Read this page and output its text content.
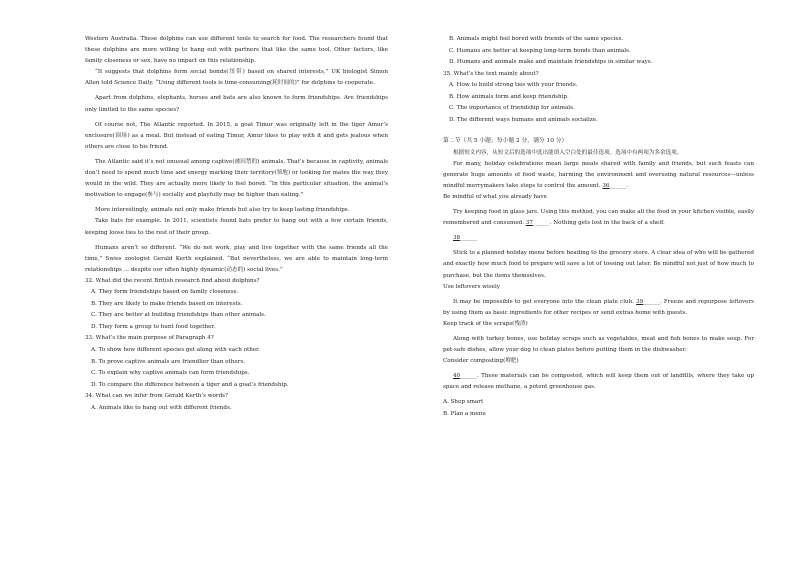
Western Australia. These dolphins can use different tools to search for food. The researchers found that these dolphins are more willing to hang out with partners that like the same tool. Other factors, like family closeness or sex, have no impact on this relationship.

“It suggests that dolphins form social bonds(纽带) based on shared interests,” UK biologist Simon Allen told Science Daily. “Using different tools is time-consuming(耗时间的)” for dolphins to cooperate.

Apart from dolphins, elephants, horses and bats are also known to form friendships. Are friendships only limited to the same species?

Of course not, The Atlantic reported. In 2015, a goat Timur was originally left in the tiger Amur’s enclosure(围场) as a meal. But instead of eating Timur, Amur likes to play with it and gets jealous when others are close to his friend.

The Atlantic said it’s not unusual among captive(被囚禁的) animals. That’s because in captivity, animals don’t need to spend much time and energy marking their territory(领地) or looking for mates the way they would in the wild. They are actually more likely to feel bored. “In this particular situation, the animal’s motivation to engage(参与) socially and playfully may be higher than eating.”

More interestingly, animals not only make friends but also try to keep lasting friendships.

Take bats for example. In 2011, scientists found bats prefer to hang out with a few certain friends, keeping loose ties to the rest of their group.

Humans aren’t so different. “We do not work, play and live together with the same friends all the time,” Swiss zoologist Gerald Kerth explained. “But nevertheless, we are able to maintain long-term relationships ... despite our often highly dynamic(动态的) social lives.”

32. What did the recent British research find about dolphins?
A. They form friendships based on family closeness.
B. They are likely to make friends based on interests.
C. They are better at building friendships than other animals.
D. They form a group to hunt food together.
33. What’s the main purpose of Paragraph 4?
A. To show how different species get along with each other.
B. To prove captive animals are friendlier than others.
C. To explain why captive animals can form friendships.
D. To compare the difference between a tiger and a goat’s friendship.
34. What can we infer from Gerald Kerth’s words?
A. Animals like to hang out with different friends.
B. Animals might feel bored with friends of the same species.
C. Humans are better at keeping long-term bonds than animals.
D. Humans and animals make and maintain friendships in similar ways.
35. What’s the text mainly about?
A. How to build strong ties with your friends.
B. How animals form and keep friendship.
C. The importance of friendship for animals.
D. The different ways humans and animals socialize.
第二节（共 5 小题；每小题 2 分，满分 10 分）

根据短文内容，从短文后的选项中选出能填入空白处的最佳选项。选项中有两项为多余选项。

For many, holiday celebrations mean large meals shared with family and friends, but such feasts can generate huge amounts of food waste, harming the environment and overusing natural resources—unless mindful merrymakers take steps to control the amount. 36______.

Be mindful of what you already have

Try keeping food in glass jars. Using this method, you can make all the food in your kitchen visible, easily remembered and consumed. 37______. Nothing gets lost in the back of a shelf.

38______

Stick to a planned holiday menu before heading to the grocery store. A clear idea of who will be gathered and exactly how much food to prepare will save a lot of tossing out later. Be mindful not just of how much to purchase, but the items themselves.

Use leftovers wisely

It may be impossible to get everyone into the clean plate club. 39______. Freeze and repurpose leftovers by using them as basic ingredients for other recipes or send extras home with guests.

Keep track of the scraps(残渣)

Along with turkey bones, use holiday scraps such as vegetables, meat and fish bones to make soup. For pet-safe dishes, allow your dog to clean plates before putting them in the dishwasher.

Consider composting(堆肥)

40______. These materials can be composted, which will keep them out of landfills, where they take up space and release methane, a potent greenhouse gas.

A. Shop smart
B. Plan a menu
